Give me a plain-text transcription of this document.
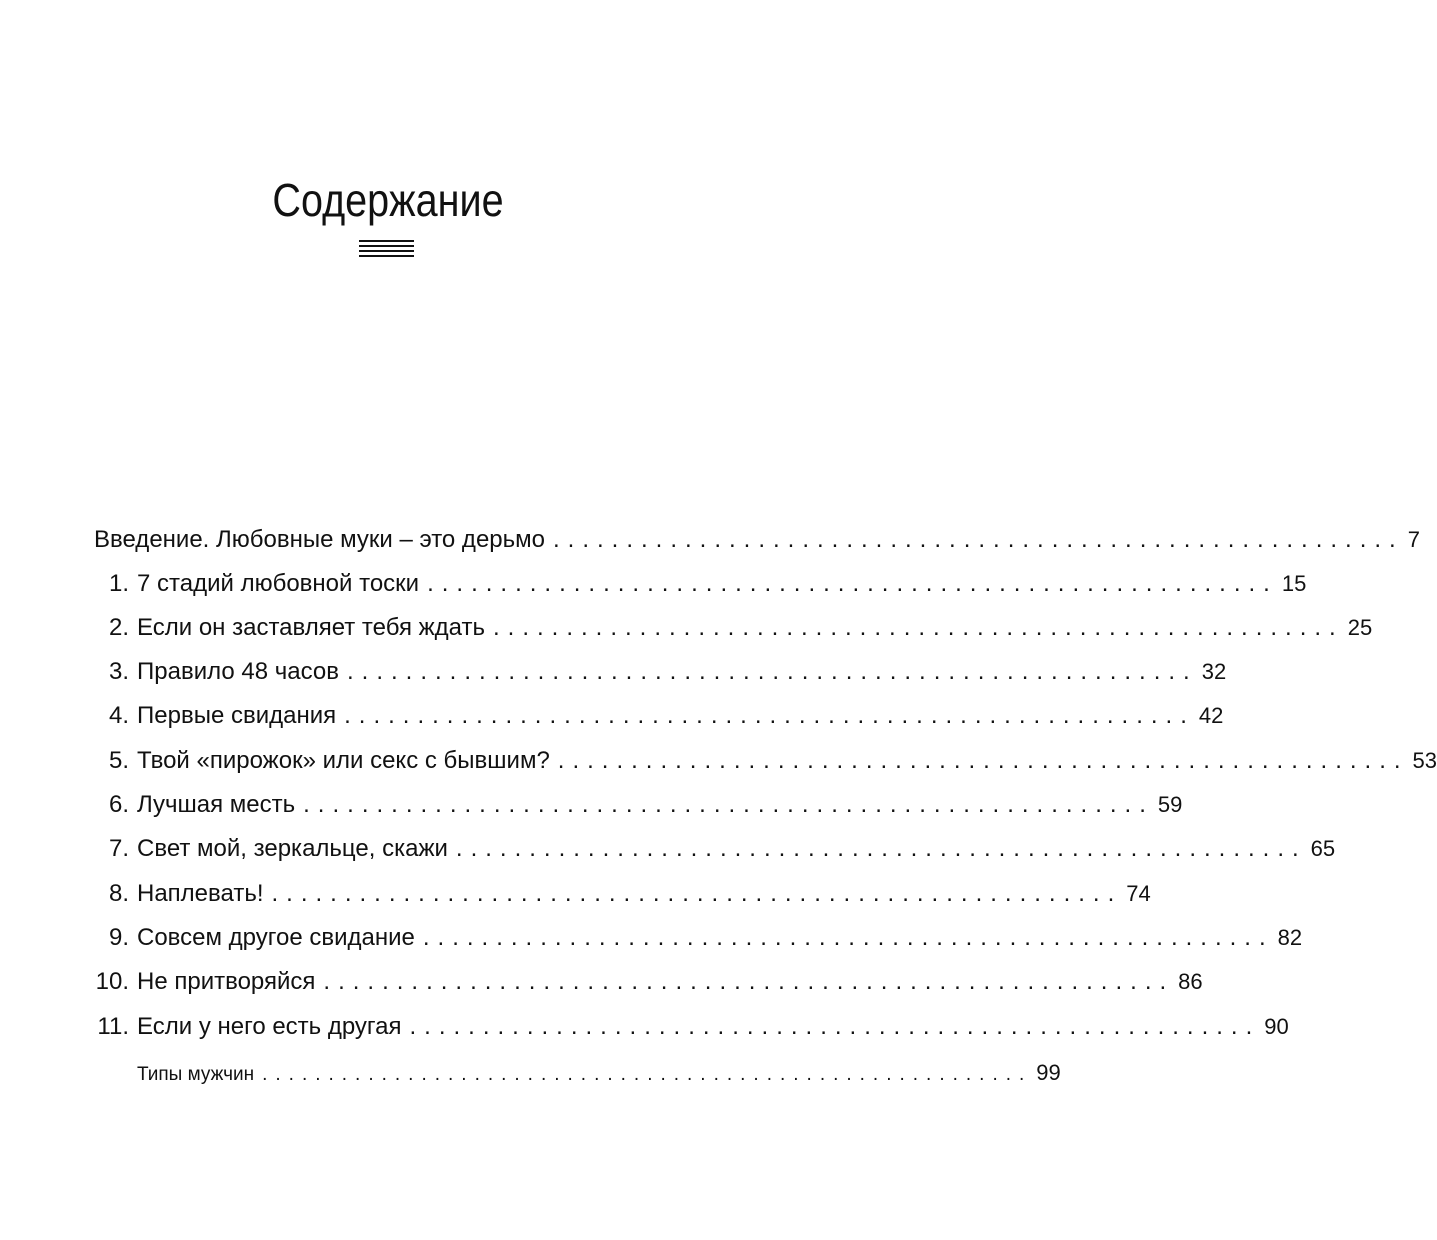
Содержание
Введение. Любовные муки – это дерьмо .......................................................... 7
1. 7 стадий любовной тоски .......................................................... 15
2. Если он заставляет тебя ждать .......................................................... 25
3. Правило 48 часов .......................................................... 32
4. Первые свидания .......................................................... 42
5. Твой «пирожок» или секс с бывшим? .......................................................... 53
6. Лучшая месть .......................................................... 59
7. Свет мой, зеркальце, скажи .......................................................... 65
8. Наплевать! .......................................................... 74
9. Совсем другое свидание .......................................................... 82
10. Не притворяйся .......................................................... 86
11. Если у него есть другая .......................................................... 90
Типы мужчин .......................................................... 99
